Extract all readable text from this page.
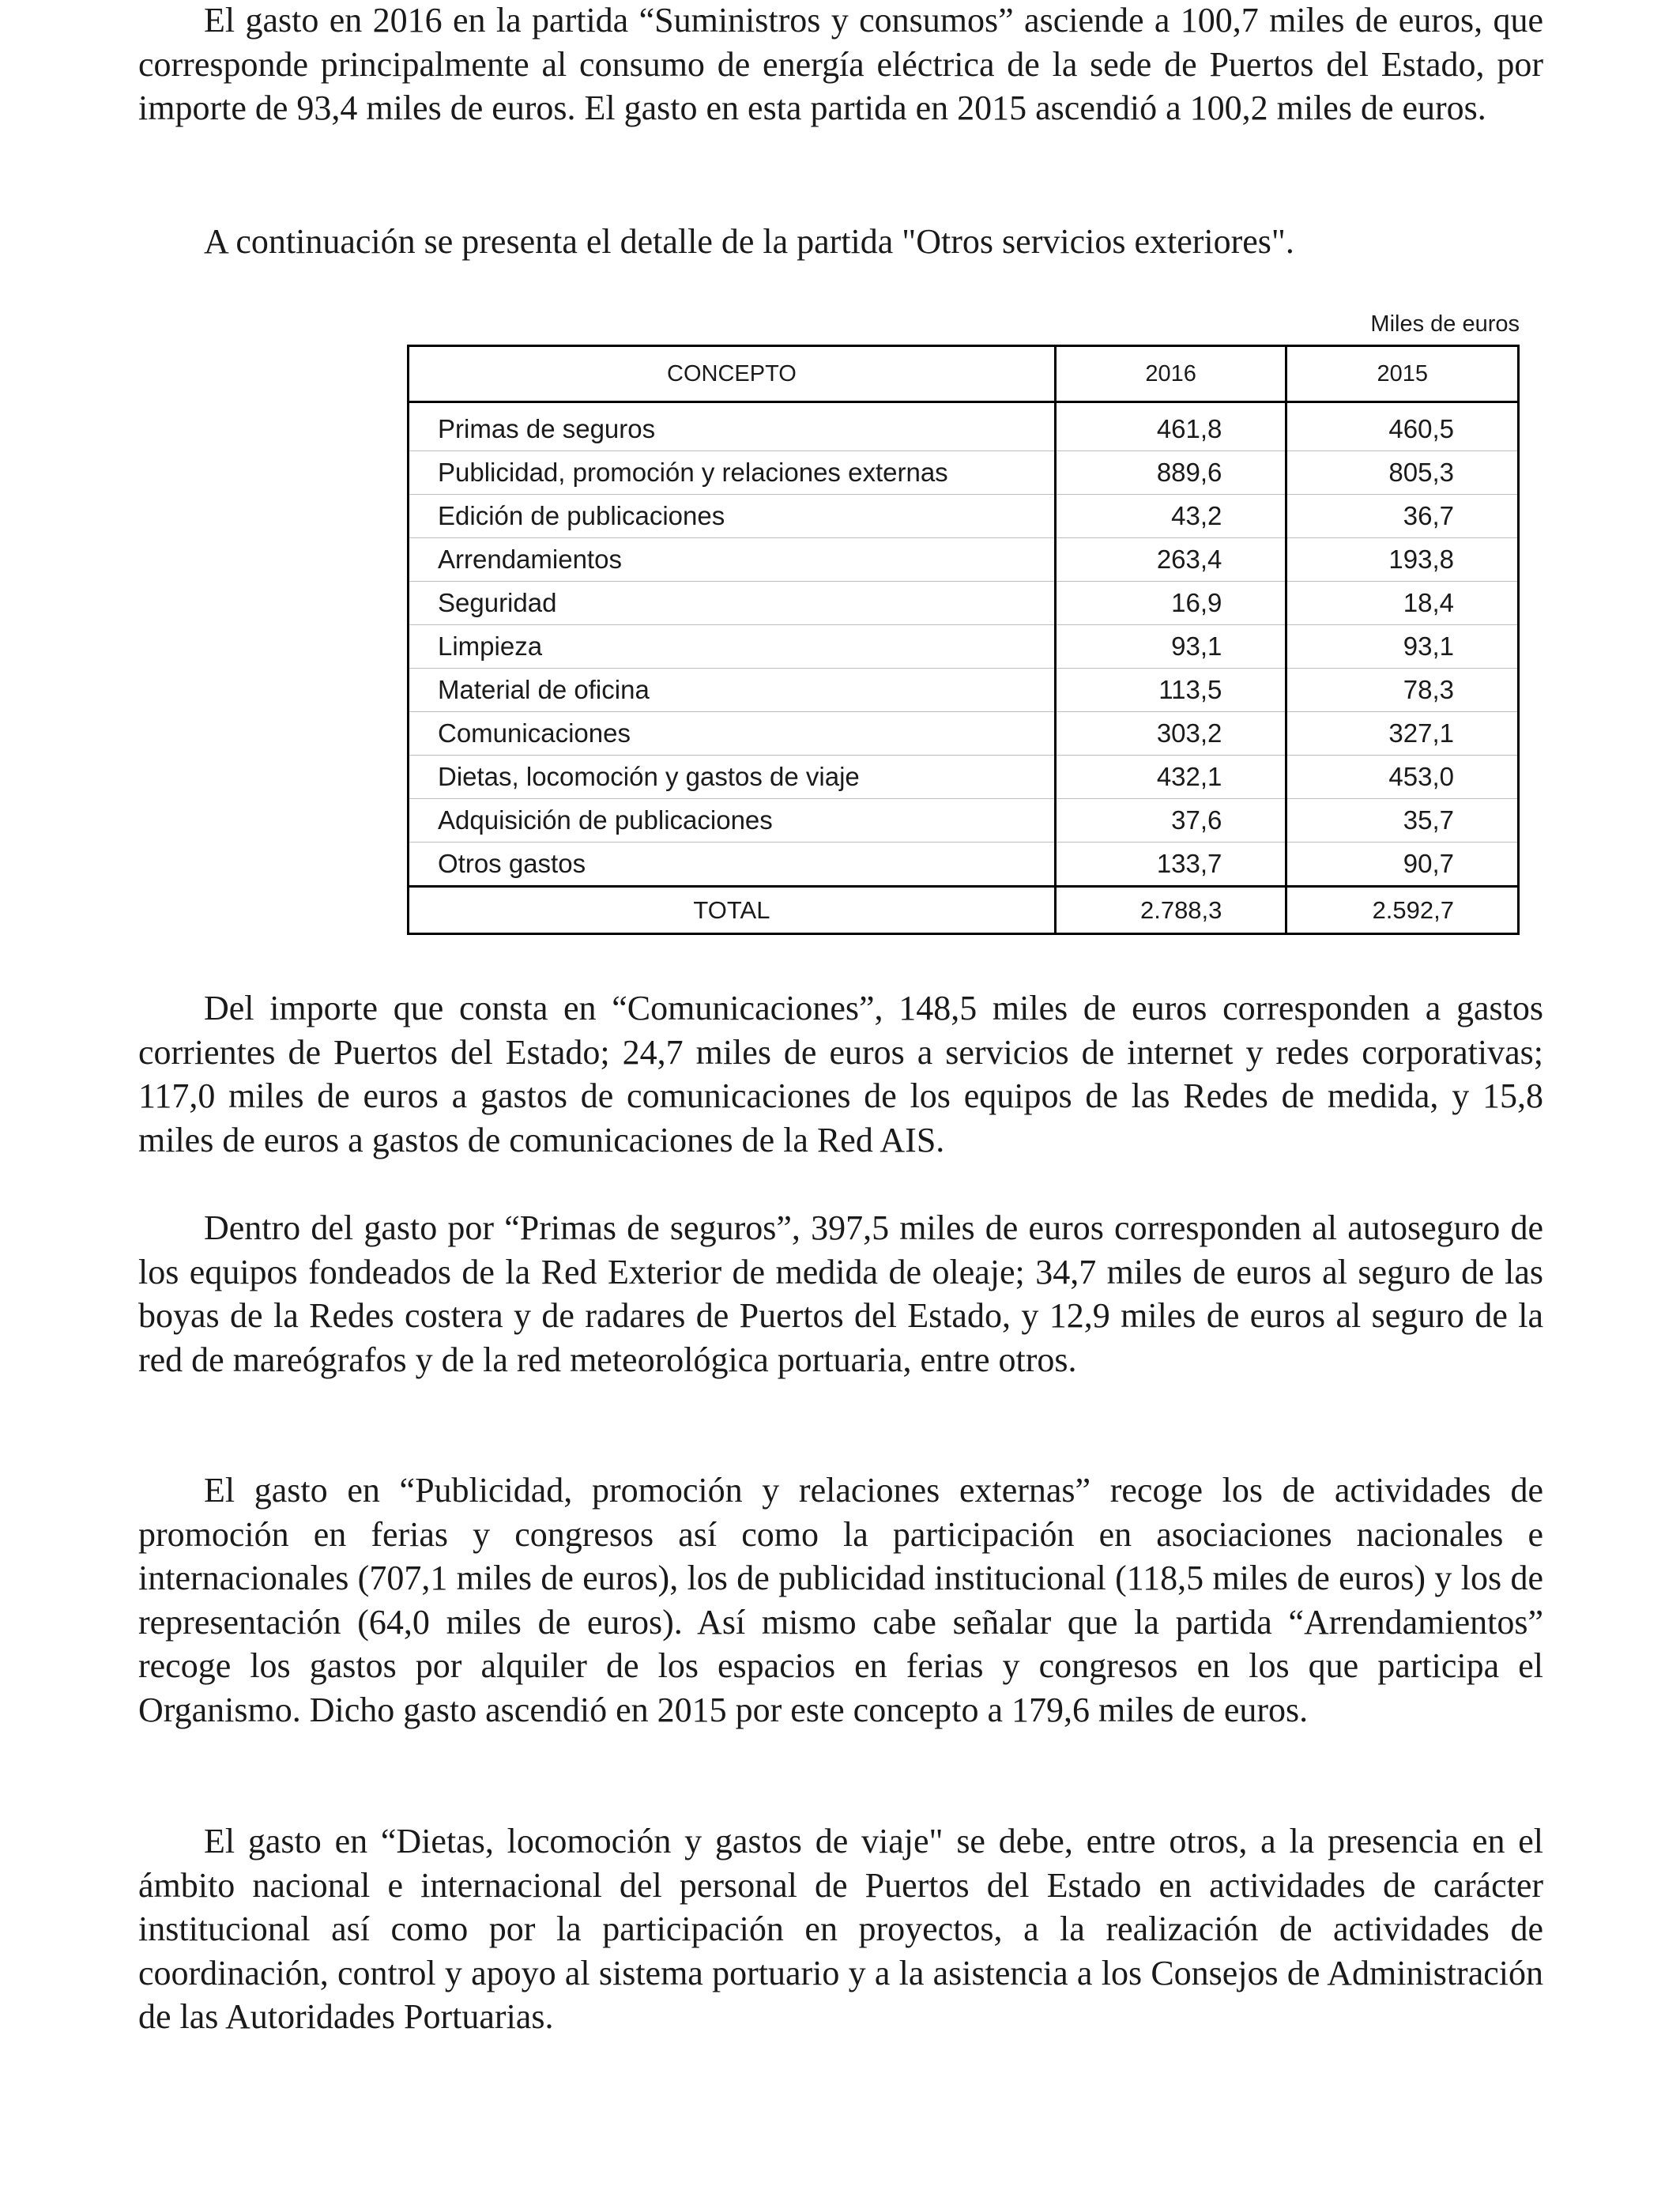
El gasto en 2016 en la partida “Suministros y consumos” asciende a 100,7 miles de euros, que corresponde principalmente al consumo de energía eléctrica de la sede de Puertos del Estado, por importe de 93,4 miles de euros. El gasto en esta partida en 2015 ascendió a 100,2 miles de euros.

A continuación se presenta el detalle de la partida "Otros servicios exteriores".

Miles de euros
CONCEPTO	2016	2015
Primas de seguros	461,8	460,5
Publicidad, promoción y relaciones externas	889,6	805,3
Edición de publicaciones	43,2	36,7
Arrendamientos	263,4	193,8
Seguridad	16,9	18,4
Limpieza	93,1	93,1
Material de oficina	113,5	78,3
Comunicaciones	303,2	327,1
Dietas, locomoción y gastos de viaje	432,1	453,0
Adquisición de publicaciones	37,6	35,7
Otros gastos	133,7	90,7
TOTAL	2.788,3	2.592,7

Del importe que consta en “Comunicaciones”, 148,5 miles de euros corresponden a gastos corrientes de Puertos del Estado; 24,7 miles de euros a servicios de internet y redes corporativas; 117,0 miles de euros a gastos de comunicaciones de los equipos de las Redes de medida, y 15,8 miles de euros a gastos de comunicaciones de la Red AIS.

Dentro del gasto por “Primas de seguros”, 397,5 miles de euros corresponden al autoseguro de los equipos fondeados de la Red Exterior de medida de oleaje; 34,7 miles de euros al seguro de las boyas de la Redes costera y de radares de Puertos del Estado, y 12,9 miles de euros al seguro de la red de mareógrafos y de la red meteorológica portuaria, entre otros.

El gasto en “Publicidad, promoción y relaciones externas” recoge los de actividades de promoción en ferias y congresos así como la participación en asociaciones nacionales e internacionales (707,1 miles de euros), los de publicidad institucional (118,5 miles de euros) y los de representación (64,0 miles de euros). Así mismo cabe señalar que la partida “Arrendamientos” recoge los gastos por alquiler de los espacios en ferias y congresos en los que participa el Organismo. Dicho gasto ascendió en 2015 por este concepto a 179,6 miles de euros.

El gasto en “Dietas, locomoción y gastos de viaje" se debe, entre otros, a la presencia en el ámbito nacional e internacional del personal de Puertos del Estado en actividades de carácter institucional así como por la participación en proyectos, a la realización de actividades de coordinación, control y apoyo al sistema portuario y a la asistencia a los Consejos de Administración de las Autoridades Portuarias.
